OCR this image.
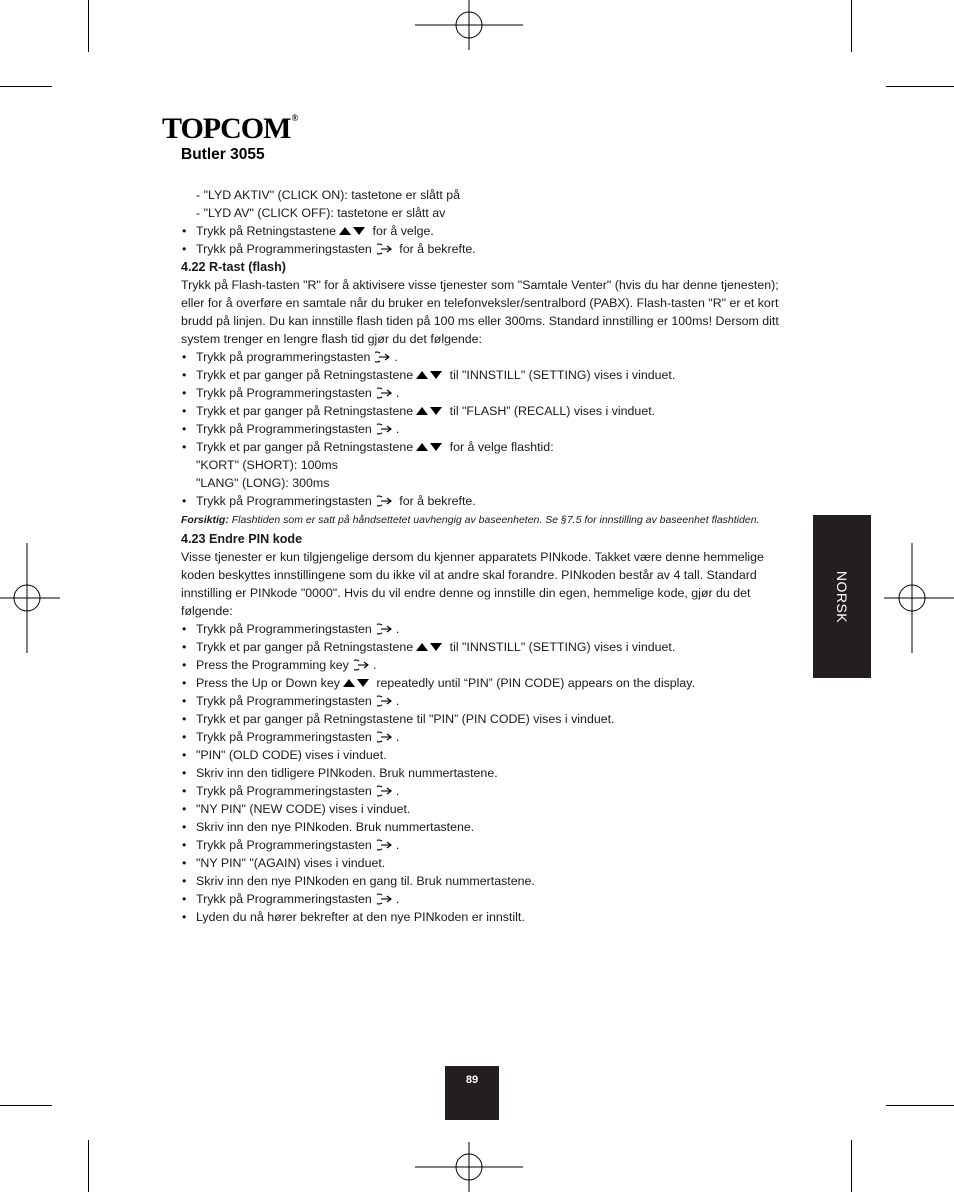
TOPCOM®
Butler 3055

- "LYD AKTIV" (CLICK ON): tastetone er slått på

- "LYD AV" (CLICK OFF): tastetone er slått av

• Trykk på Retningstastene	for å velge.

• Trykk på Programmeringstasten for å bekrefte.

4.22 R-tast (flash)

Trykk på Flash-tasten "R" for å aktivisere visse tjenester som "Samtale Venter" (hvis du har denne tjenesten); eller for å overføre en samtale når du bruker en telefonveksler/sentralbord (PABX). Flash-tasten "R" er et kort brudd på linjen. Du kan innstille flash tiden på 100 ms eller 300ms. Standard innstilling er 100ms! Dersom ditt system trenger en lengre flash tid gjør du det følgende:

• Trykk på programmeringstasten .

• Trykk et par ganger på Retningstastene	til "INNSTILL" (SETTING) vises i vinduet.

• Trykk på Programmeringstasten .

• Trykk et par ganger på Retningstastene	til "FLASH” (RECALL) vises i vinduet.

• Trykk på Programmeringstasten .

• Trykk et par ganger på Retningstastene	for å velge flashtid:
"KORT" (SHORT): 100ms
"LANG" (LONG): 300ms

• Trykk på Programmeringstasten for å bekrefte.

Forsiktig: Flashtiden som er satt på håndsettetet uavhengig av baseenheten. Se §7.5 for innstilling av baseenhet flashtiden.

4.23 Endre PIN kode

Visse tjenester er kun tilgjengelige dersom du kjenner apparatets PINkode. Takket være denne hemmelige koden beskyttes innstillingene som du ikke vil at andre skal forandre. PINkoden består av 4 tall. Standard innstilling er PINkode "0000". Hvis du vil endre denne og innstille din egen, hemmelige kode, gjør du det følgende:

• Trykk på Programmeringstasten .

• Trykk et par ganger på Retningstastene	til "INNSTILL" (SETTING) vises i vinduet.

• Press the Programming key .

• Press the Up or Down key	repeatedly until “PIN” (PIN CODE) appears on the display.

• Trykk på Programmeringstasten .

• Trykk et par ganger på Retningstastene til "PIN” (PIN CODE) vises i vinduet.

• Trykk på Programmeringstasten .

• "PIN" (OLD CODE) vises i vinduet.

• Skriv inn den tidligere PINkoden. Bruk nummertastene.

• Trykk på Programmeringstasten .

• "NY PIN" (NEW CODE) vises i vinduet.

• Skriv inn den nye PINkoden. Bruk nummertastene.

• Trykk på Programmeringstasten .

• "NY PIN" "(AGAIN) vises i vinduet.

• Skriv inn den nye PINkoden en gang til. Bruk nummertastene.

• Trykk på Programmeringstasten .

• Lyden du nå hører bekrefter at den nye PINkoden er innstilt.

NORSK
89
